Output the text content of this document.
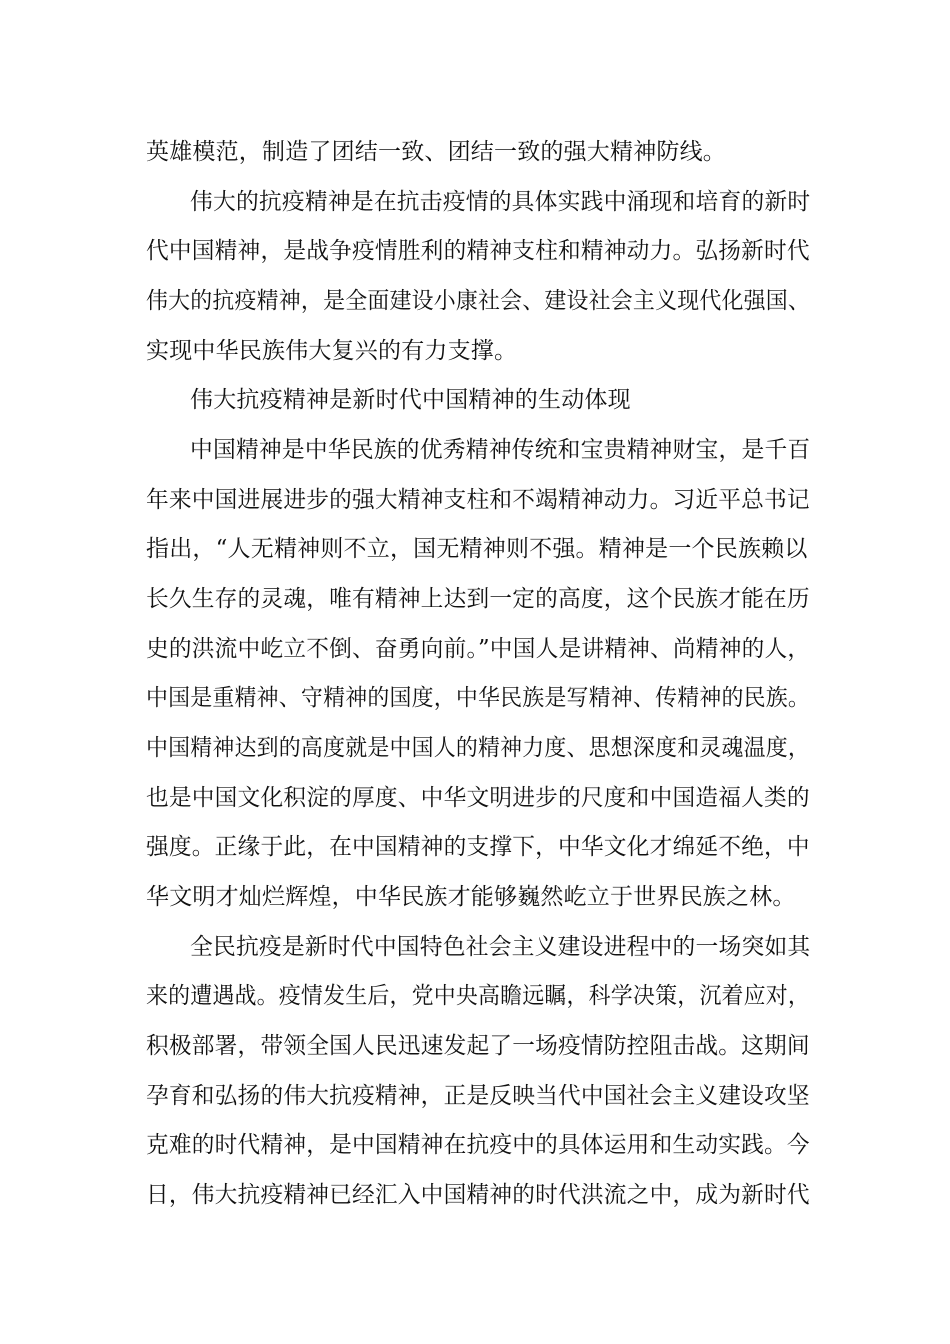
英雄模范，制造了团结一致、团结一致的强大精神防线。
伟大的抗疫精神是在抗击疫情的具体实践中涌现和培育的新时
代中国精神，是战争疫情胜利的精神支柱和精神动力。弘扬新时代
伟大的抗疫精神，是全面建设小康社会、建设社会主义现代化强国、
实现中华民族伟大复兴的有力支撑。
伟大抗疫精神是新时代中国精神的生动体现
中国精神是中华民族的优秀精神传统和宝贵精神财宝，是千百
年来中国进展进步的强大精神支柱和不竭精神动力。习近平总书记
指出，“人无精神则不立，国无精神则不强。精神是一个民族赖以
长久生存的灵魂，唯有精神上达到一定的高度，这个民族才能在历
史的洪流中屹立不倒、奋勇向前。”中国人是讲精神、尚精神的人，
中国是重精神、守精神的国度，中华民族是写精神、传精神的民族。
中国精神达到的高度就是中国人的精神力度、思想深度和灵魂温度，
也是中国文化积淀的厚度、中华文明进步的尺度和中国造福人类的
强度。正缘于此，在中国精神的支撑下，中华文化才绵延不绝，中
华文明才灿烂辉煌，中华民族才能够巍然屹立于世界民族之林。
全民抗疫是新时代中国特色社会主义建设进程中的一场突如其
来的遭遇战。疫情发生后，党中央高瞻远瞩，科学决策，沉着应对，
积极部署，带领全国人民迅速发起了一场疫情防控阻击战。这期间
孕育和弘扬的伟大抗疫精神，正是反映当代中国社会主义建设攻坚
克难的时代精神，是中国精神在抗疫中的具体运用和生动实践。今
日，伟大抗疫精神已经汇入中国精神的时代洪流之中，成为新时代
